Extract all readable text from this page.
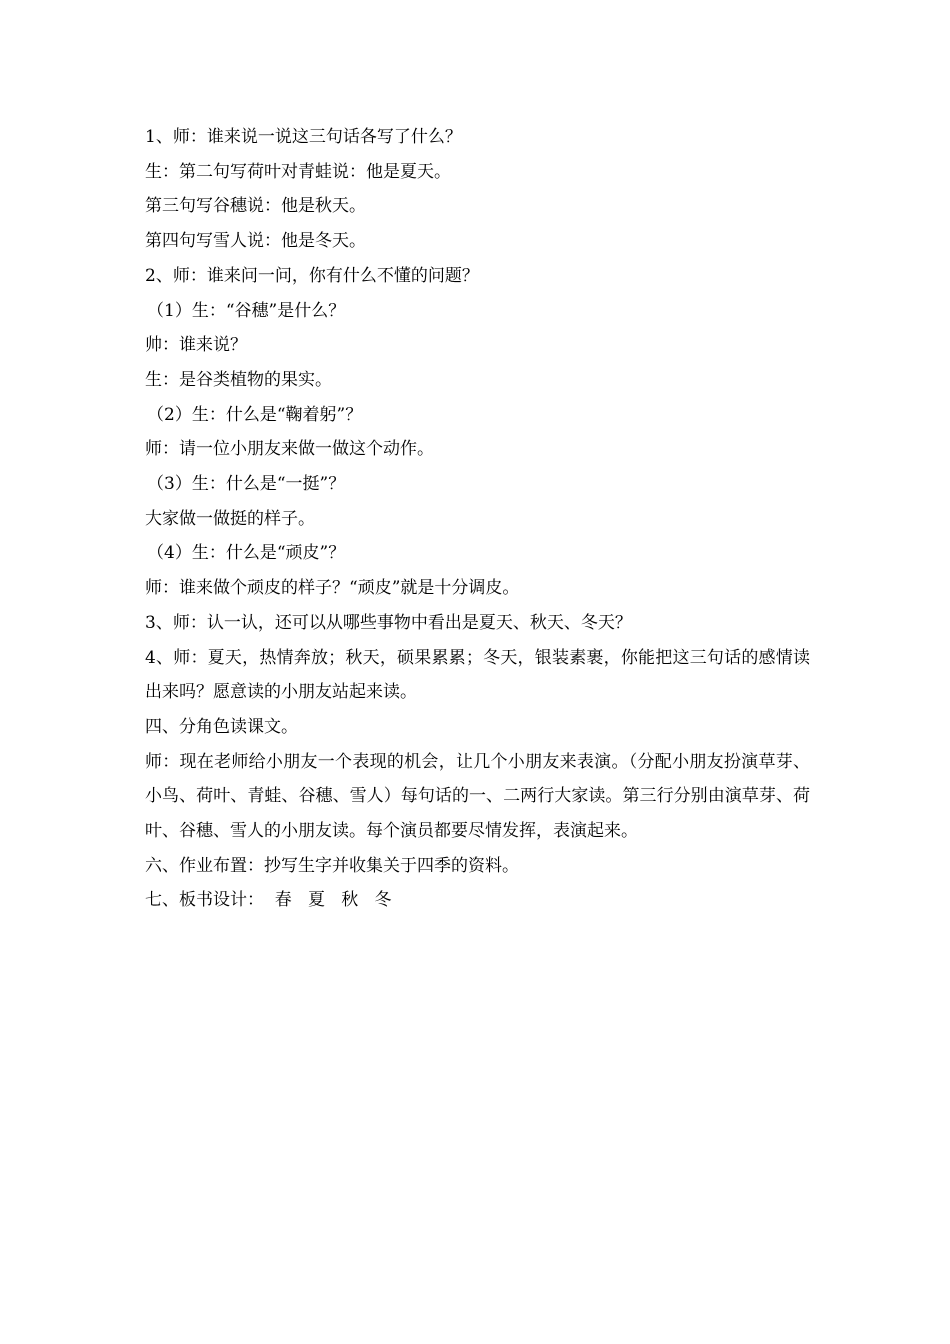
1、师：谁来说一说这三句话各写了什么？

生：第二句写荷叶对青蛙说：他是夏天。

第三句写谷穗说：他是秋天。

第四句写雪人说：他是冬天。

2、师：谁来问一问，你有什么不懂的问题？

（1）生：“谷穗”是什么？

帅：谁来说？

生：是谷类植物的果实。

（2）生：什么是“鞠着躬”？

师：请一位小朋友来做一做这个动作。

（3）生：什么是“一挺”？

大家做一做挺的样子。

（4）生：什么是“顽皮”？

师：谁来做个顽皮的样子？“顽皮”就是十分调皮。

3、师：认一认，还可以从哪些事物中看出是夏天、秋天、冬天？

4、师：夏天，热情奔放；秋天，硕果累累；冬天，银装素裹，你能把这三句话的感情读出来吗？愿意读的小朋友站起来读。

四、分角色读课文。

师：现在老师给小朋友一个表现的机会，让几个小朋友来表演。（分配小朋友扮演草芽、小鸟、荷叶、青蛙、谷穗、雪人）每句话的一、二两行大家读。第三行分别由演草芽、荷叶、谷穗、雪人的小朋友读。每个演员都要尽情发挥，表演起来。

六、作业布置：抄写生字并收集关于四季的资料。

七、板书设计：  春   夏   秋   冬
